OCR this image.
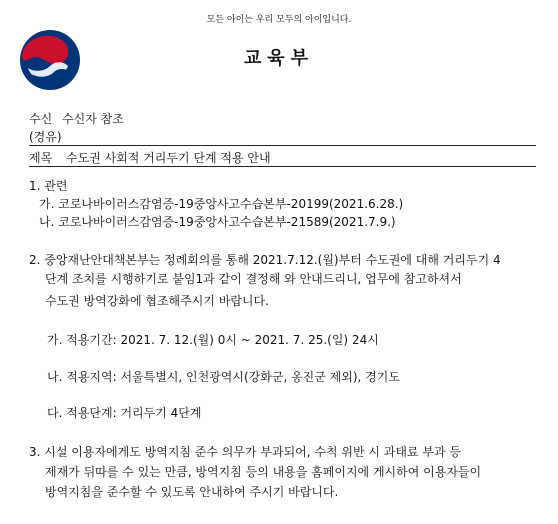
모든 아이는 우리 모두의 아이입니다.
교육부
수신 수신자 참조
(경유)
제목 수도권 사회적 거리두기 단계 적용 안내
1. 관련
가. 코로나바이러스감염증-19중앙사고수습본부-20199(2021.6.28.)
나. 코로나바이러스감염증-19중앙사고수습본부-21589(2021.7.9.)
2. 중앙재난안대책본부는 정례회의를 통해 2021.7.12.(월)부터 수도권에 대해 거리두기 4
단계 조치를 시행하기로 붙임1과 같이 결정해 와 안내드리니, 업무에 참고하셔서
수도권 방역강화에 협조해주시기 바랍니다.
가. 적용기간: 2021. 7. 12.(월) 0시 ~ 2021. 7. 25.(일) 24시
나. 적용지역: 서울특별시, 인천광역시(강화군, 옹진군 제외), 경기도
다. 적용단계: 거리두기 4단계
3. 시설 이용자에게도 방역지침 준수 의무가 부과되어, 수칙 위반 시 과태료 부과 등
제재가 뒤따를 수 있는 만큼, 방역지침 등의 내용을 홈페이지에 게시하여 이용자들이
방역지침을 준수할 수 있도록 안내하여 주시기 바랍니다.
